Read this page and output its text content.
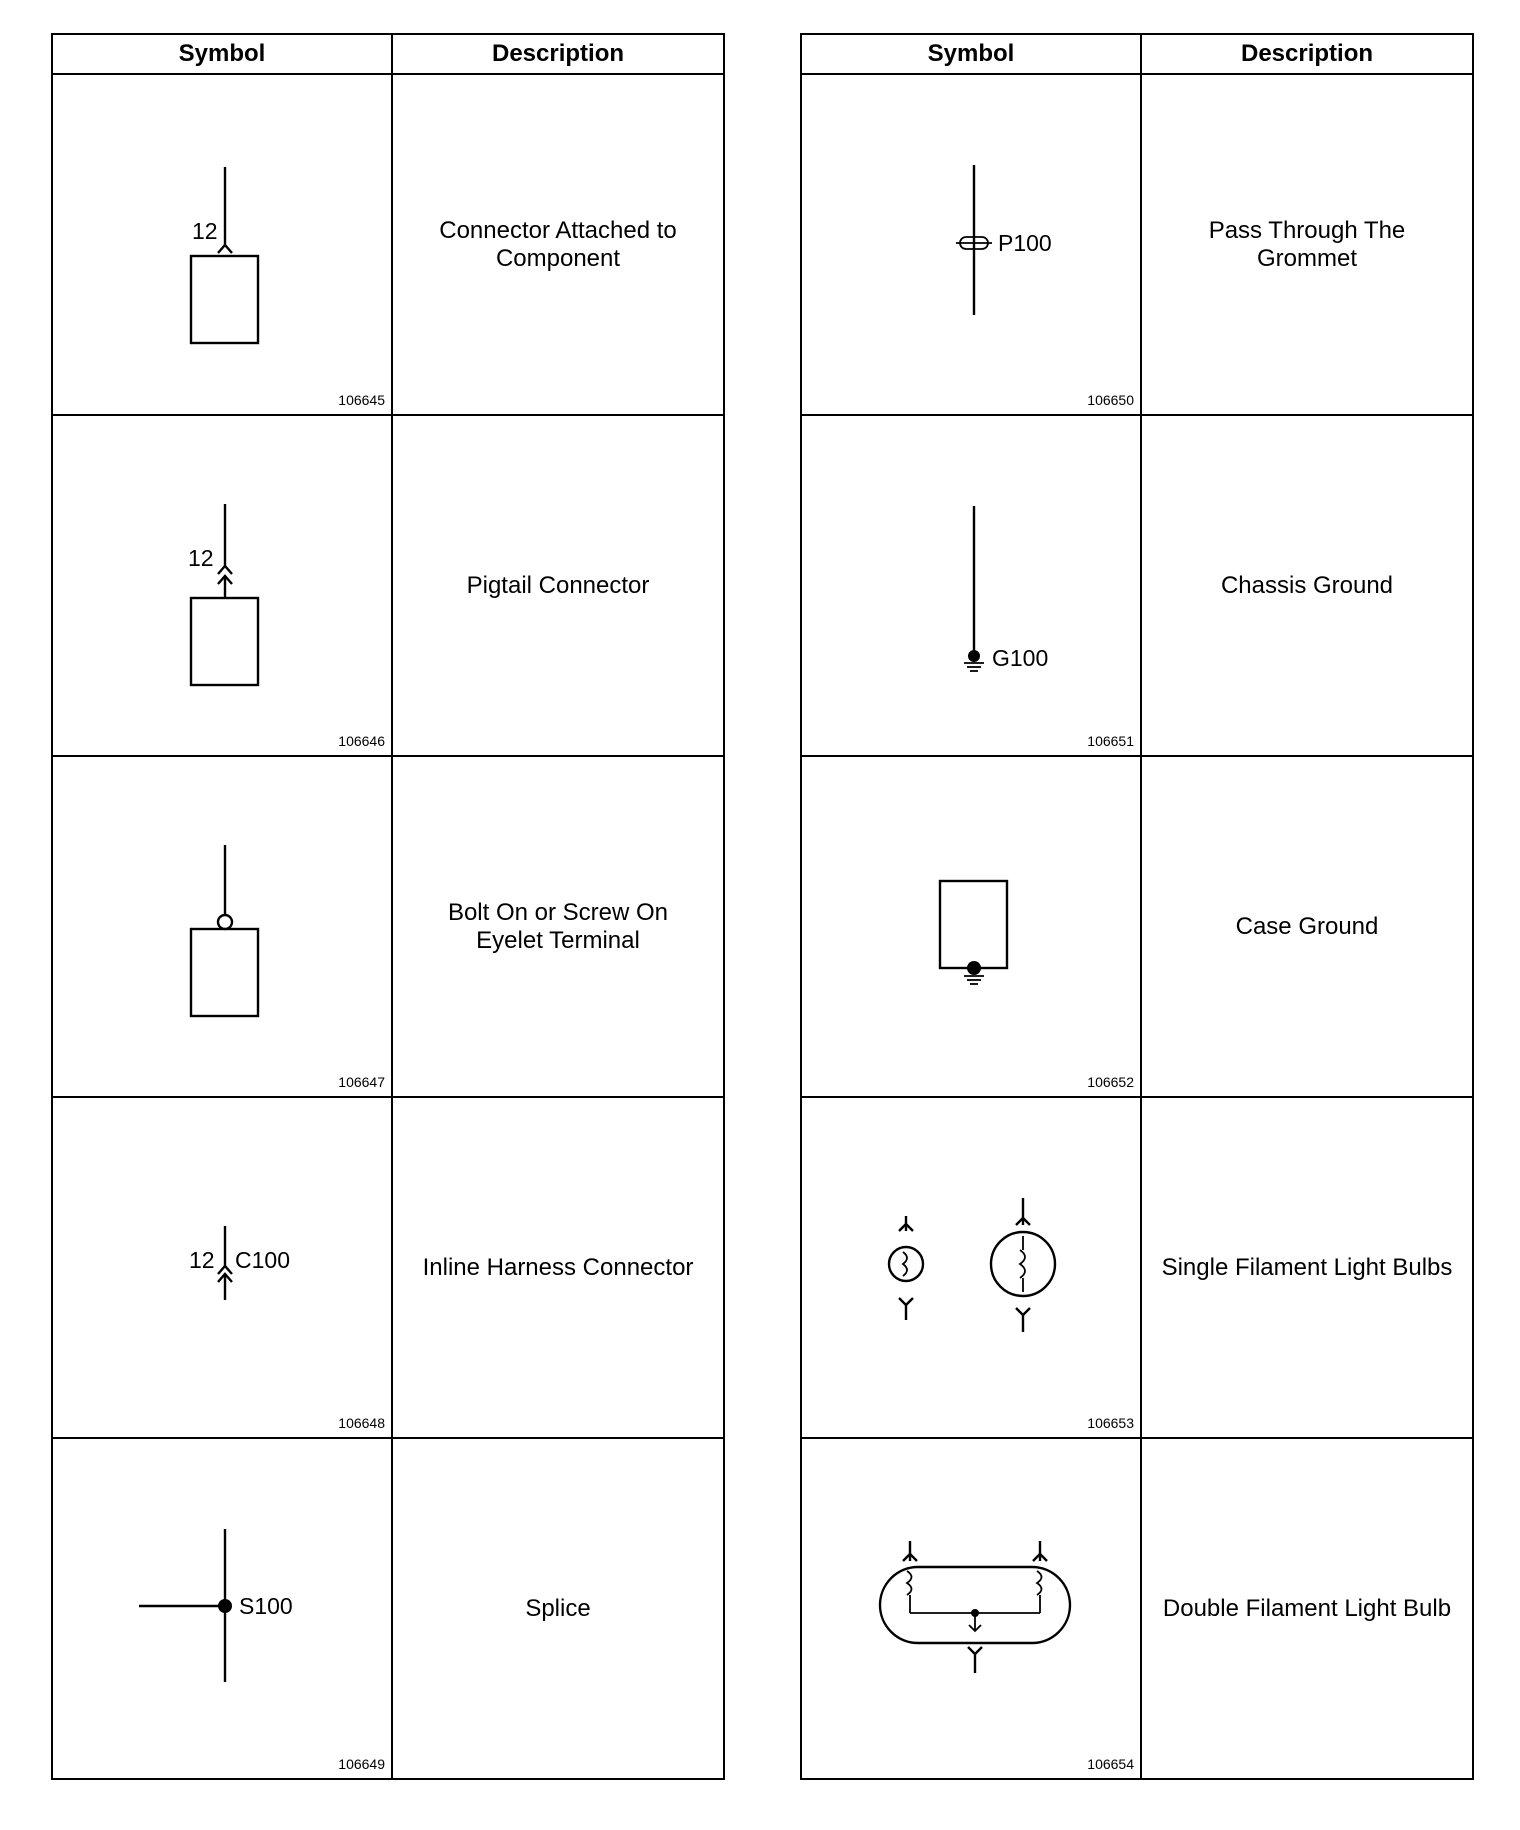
Symbol	Description

12
106645	Connector Attached to
Component

12
106646	Pigtail Connector

106647	Bolt On or Screw On
Eyelet Terminal

12 C100
106648	Inline Harness Connector

S100
106649	Splice
Symbol	Description

P100
106650	Pass Through The
Grommet

G100
106651	Chassis Ground

106652	Case Ground

106653	Single Filament Light Bulbs

106654	Double Filament Light Bulb
